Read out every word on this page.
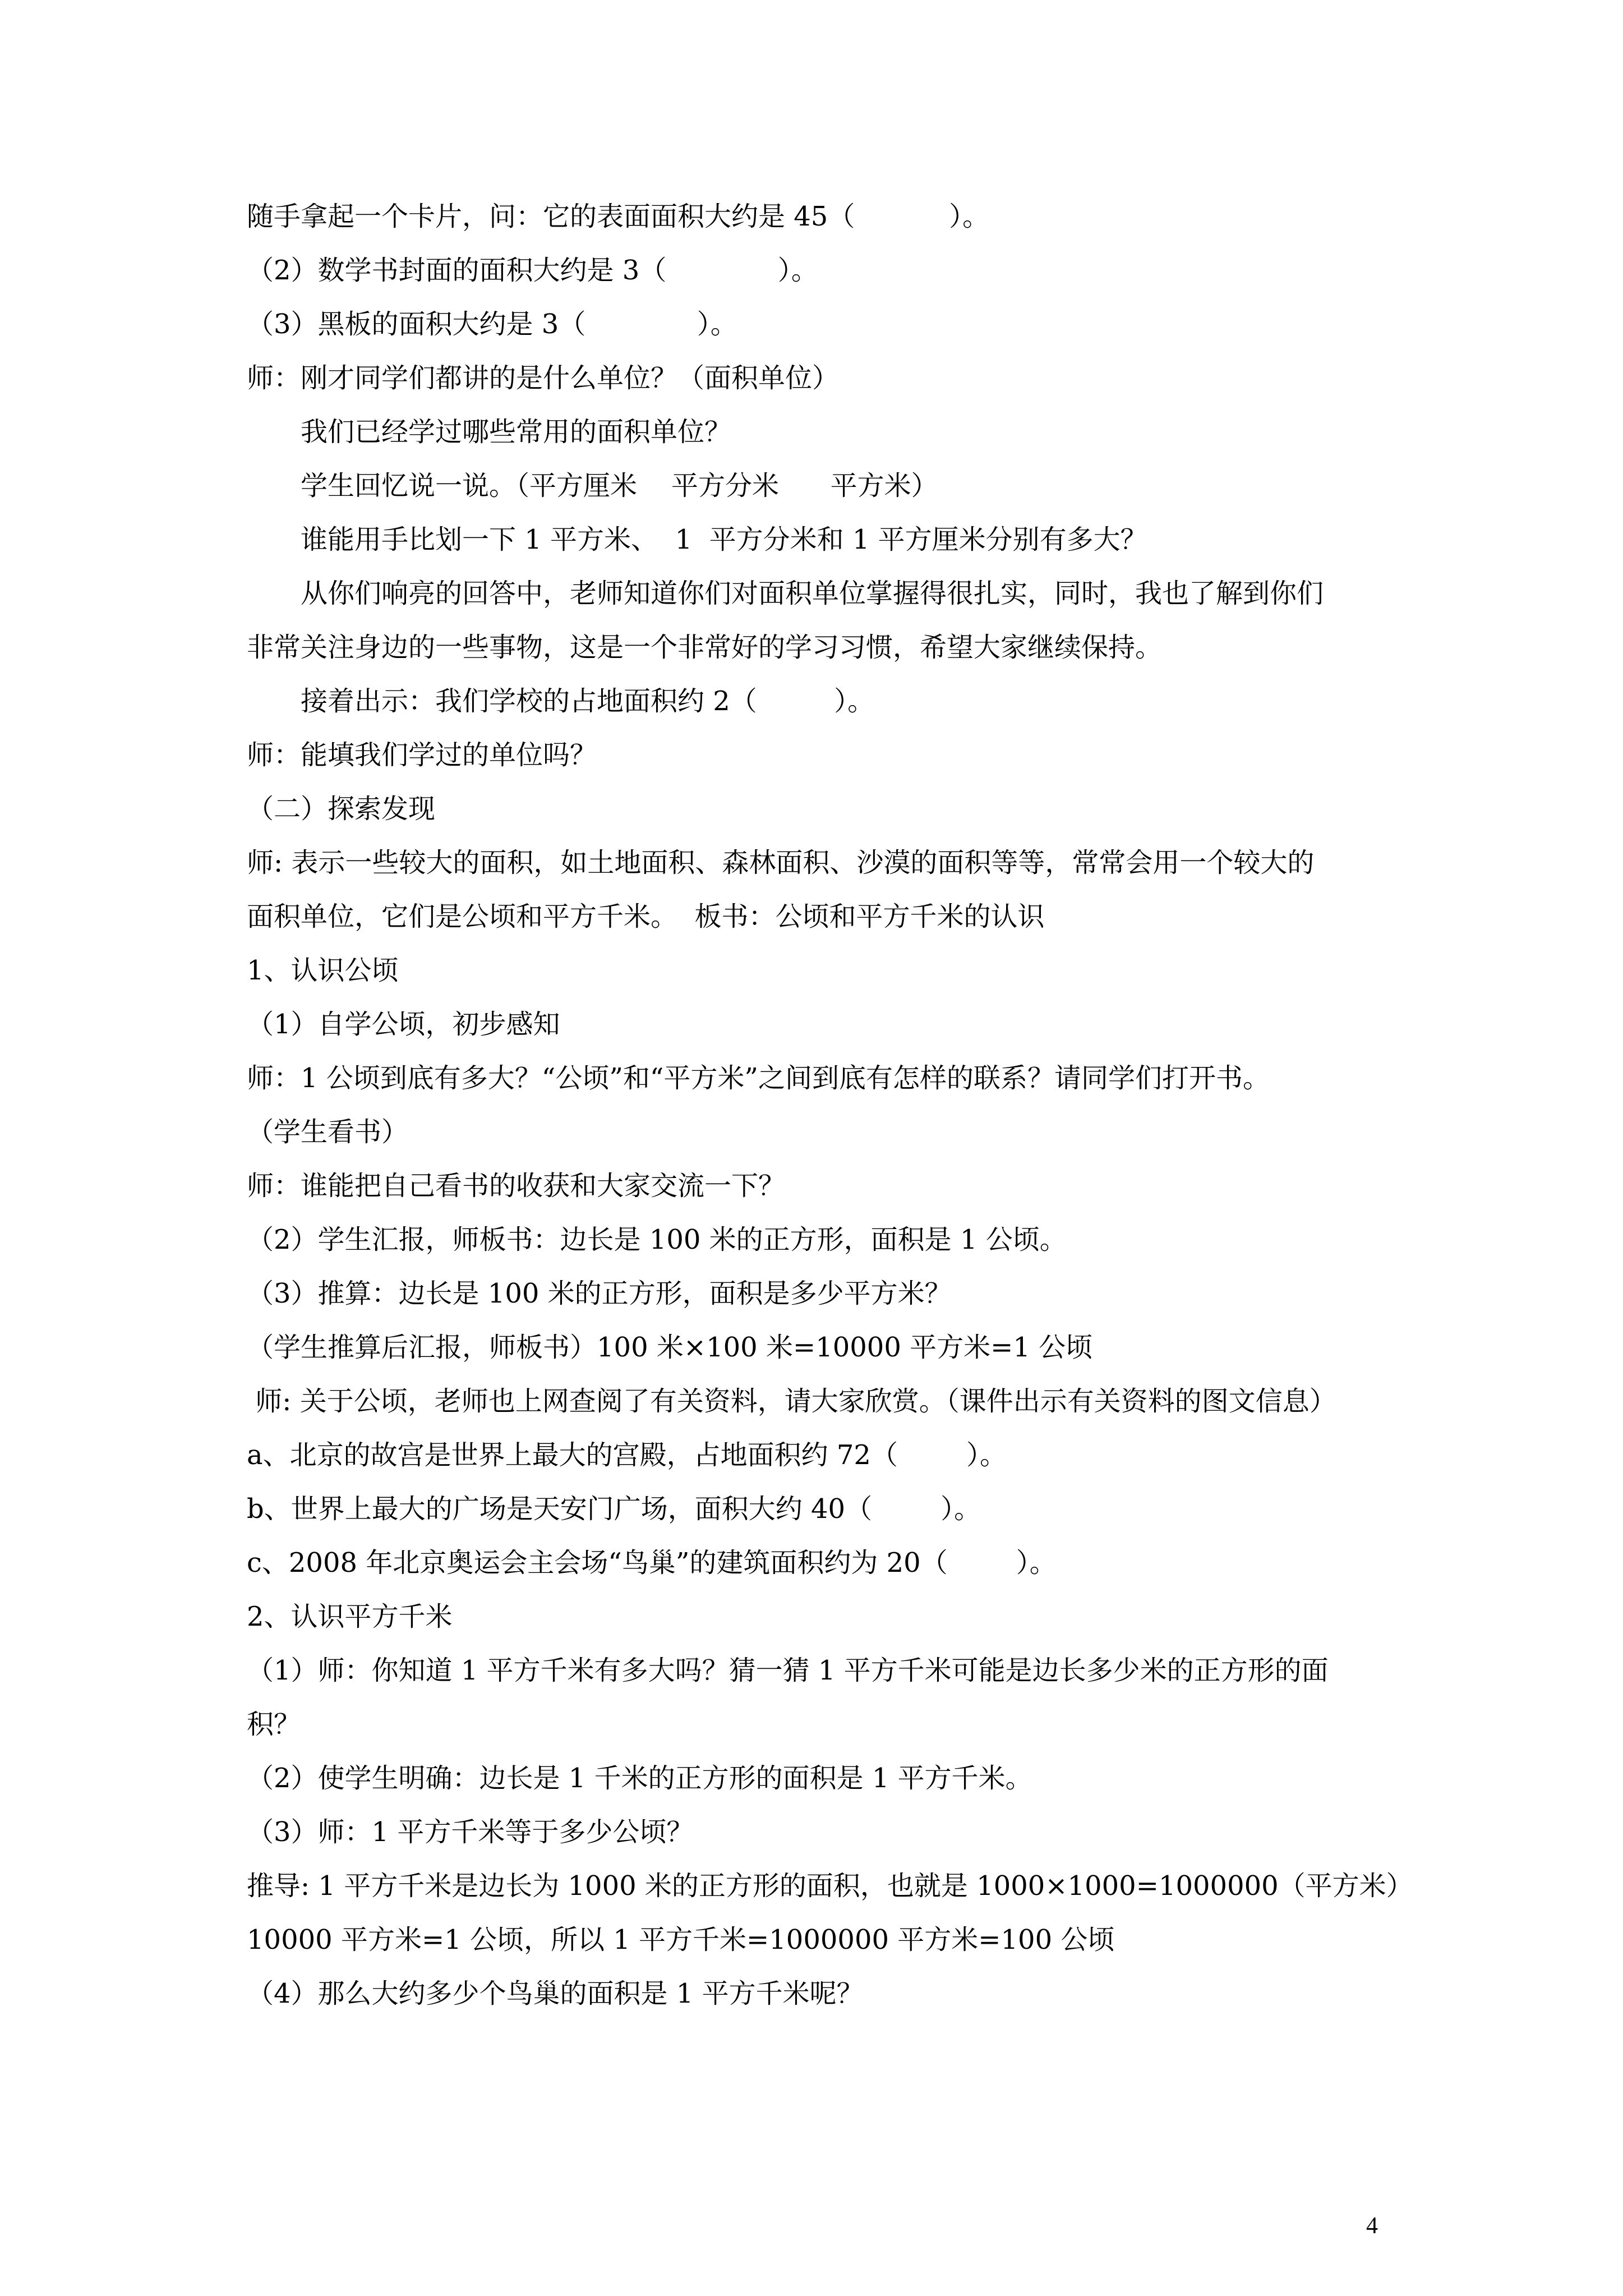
随手拿起一个卡片，问：它的表面面积大约是 45（           ）。
（2）数学书封面的面积大约是 3（             ）。
（3）黑板的面积大约是 3（             ）。
师：刚才同学们都讲的是什么单位？（面积单位）
我们已经学过哪些常用的面积单位？
学生回忆说一说。（平方厘米    平方分米      平方米）
谁能用手比划一下 1 平方米、  1  平方分米和 1 平方厘米分别有多大？
从你们响亮的回答中，老师知道你们对面积单位掌握得很扎实，同时，我也了解到你们
非常关注身边的一些事物，这是一个非常好的学习习惯，希望大家继续保持。
接着出示：我们学校的占地面积约 2（         ）。
师：能填我们学过的单位吗？
（二）探索发现
师: 表示一些较大的面积，如土地面积、森林面积、沙漠的面积等等，常常会用一个较大的
面积单位，它们是公顷和平方千米。  板书：公顷和平方千米的认识
1、认识公顷
（1）自学公顷，初步感知
师：1 公顷到底有多大？“公顷”和“平方米”之间到底有怎样的联系？请同学们打开书。
（学生看书）
师：谁能把自己看书的收获和大家交流一下？
（2）学生汇报，师板书：边长是 100 米的正方形，面积是 1 公顷。
（3）推算：边长是 100 米的正方形，面积是多少平方米？
（学生推算后汇报，师板书）100 米×100 米=10000 平方米=1 公顷
师: 关于公顷，老师也上网查阅了有关资料，请大家欣赏。（课件出示有关资料的图文信息）
a、北京的故宫是世界上最大的宫殿，占地面积约 72（        ）。
b、世界上最大的广场是天安门广场，面积大约 40（        ）。
c、2008 年北京奥运会主会场“鸟巢”的建筑面积约为 20（        ）。
2、认识平方千米
（1）师：你知道 1 平方千米有多大吗？猜一猜 1 平方千米可能是边长多少米的正方形的面
积？
（2）使学生明确：边长是 1 千米的正方形的面积是 1 平方千米。
（3）师：1 平方千米等于多少公顷？
推导: 1 平方千米是边长为 1000 米的正方形的面积，也就是 1000×1000=1000000（平方米）
10000 平方米=1 公顷，所以 1 平方千米=1000000 平方米=100 公顷
（4）那么大约多少个鸟巢的面积是 1 平方千米呢？
4
